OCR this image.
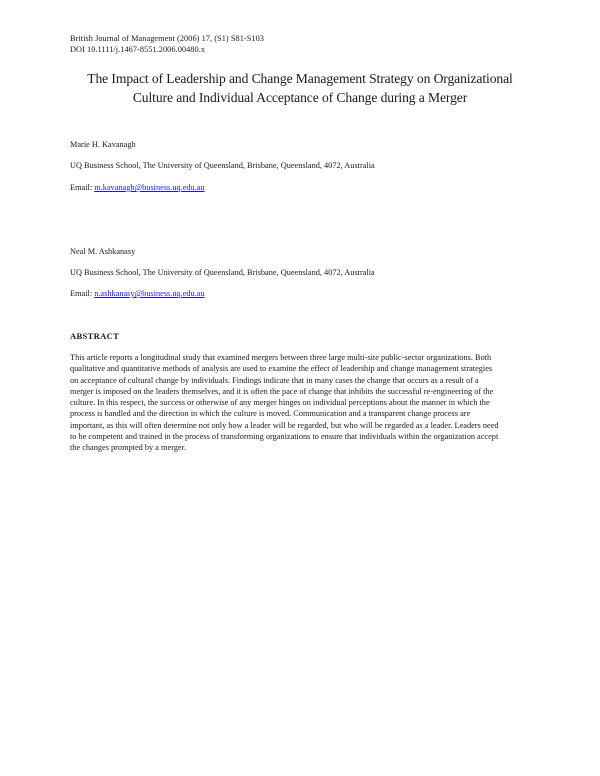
British Journal of Management (2006) 17, (S1) S81-S103
DOI 10.1111/j.1467-8551.2006.00480.x
The Impact of Leadership and Change Management Strategy on Organizational
Culture and Individual Acceptance of Change during a Merger
Marie H. Kavanagh
UQ Business School, The University of Queensland, Brisbane, Queensland, 4072, Australia
Email: m.kavanagh@business.uq.edu.au
Neal M. Ashkanasy
UQ Business School, The University of Queensland, Brisbane, Queensland, 4072, Australia
Email: n.ashkanasy@business.uq.edu.au
ABSTRACT
This article reports a longitudinal study that examined mergers between three large multi-site public-sector organizations. Both
qualitative and quantitative methods of analysis are used to examine the effect of leadership and change management strategies
on acceptance of cultural change by individuals. Findings indicate that in many cases the change that occurs as a result of a
merger is imposed on the leaders themselves, and it is often the pace of change that inhibits the successful re-engineering of the
culture. In this respect, the success or otherwise of any merger hinges on individual perceptions about the manner in which the
process is handled and the direction in which the culture is moved. Communication and a transparent change process are
important, as this will often determine not only how a leader will be regarded, but who will be regarded as a leader. Leaders need
to be competent and trained in the process of transforming organizations to ensure that individuals within the organization accept
the changes prompted by a merger.
